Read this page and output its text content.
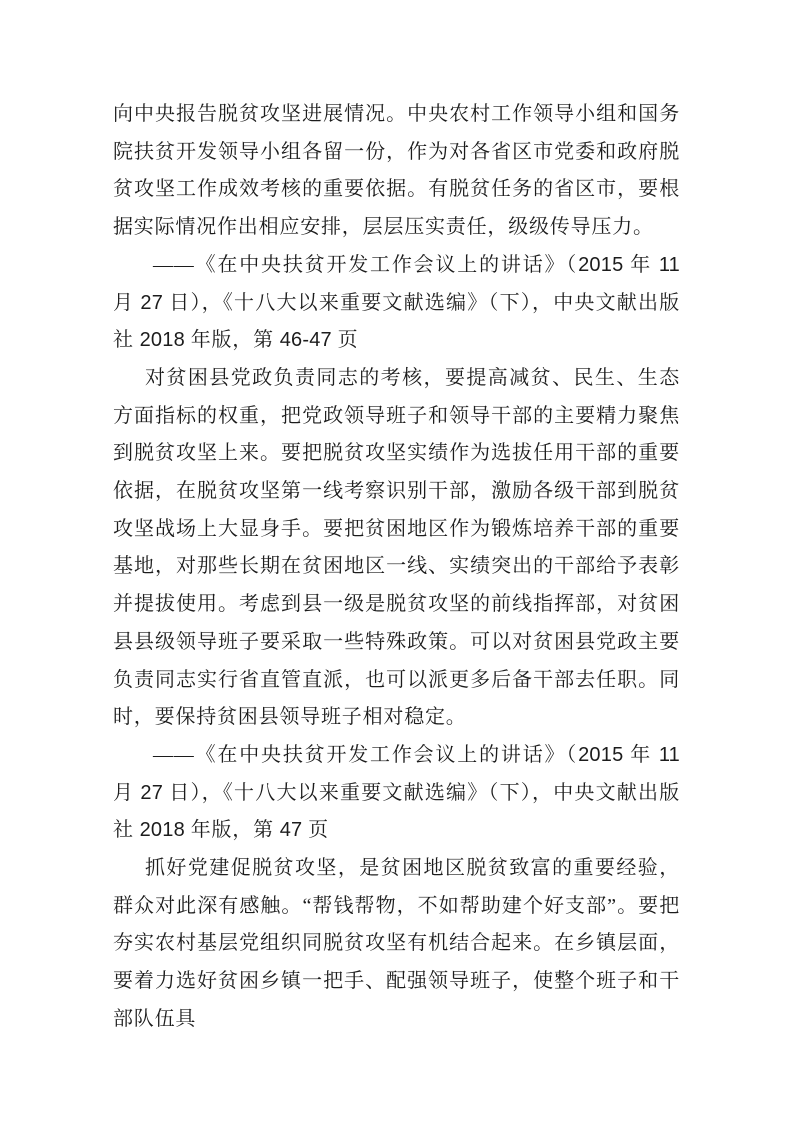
向中央报告脱贫攻坚进展情况。中央农村工作领导小组和国务院扶贫开发领导小组各留一份，作为对各省区市党委和政府脱贫攻坚工作成效考核的重要依据。有脱贫任务的省区市，要根据实际情况作出相应安排，层层压实责任，级级传导压力。

——《在中央扶贫开发工作会议上的讲话》（2015 年 11 月 27 日），《十八大以来重要文献选编》（下），中央文献出版社 2018 年版，第 46-47 页

对贫困县党政负责同志的考核，要提高减贫、民生、生态方面指标的权重，把党政领导班子和领导干部的主要精力聚焦到脱贫攻坚上来。要把脱贫攻坚实绩作为选拔任用干部的重要依据，在脱贫攻坚第一线考察识别干部，激励各级干部到脱贫攻坚战场上大显身手。要把贫困地区作为锻炼培养干部的重要基地，对那些长期在贫困地区一线、实绩突出的干部给予表彰并提拔使用。考虑到县一级是脱贫攻坚的前线指挥部，对贫困县县级领导班子要采取一些特殊政策。可以对贫困县党政主要负责同志实行省直管直派，也可以派更多后备干部去任职。同时，要保持贫困县领导班子相对稳定。

——《在中央扶贫开发工作会议上的讲话》（2015 年 11 月 27 日），《十八大以来重要文献选编》（下），中央文献出版社 2018 年版，第 47 页

抓好党建促脱贫攻坚，是贫困地区脱贫致富的重要经验，群众对此深有感触。“帮钱帮物，不如帮助建个好支部”。要把夯实农村基层党组织同脱贫攻坚有机结合起来。在乡镇层面，要着力选好贫困乡镇一把手、配强领导班子，使整个班子和干部队伍具
